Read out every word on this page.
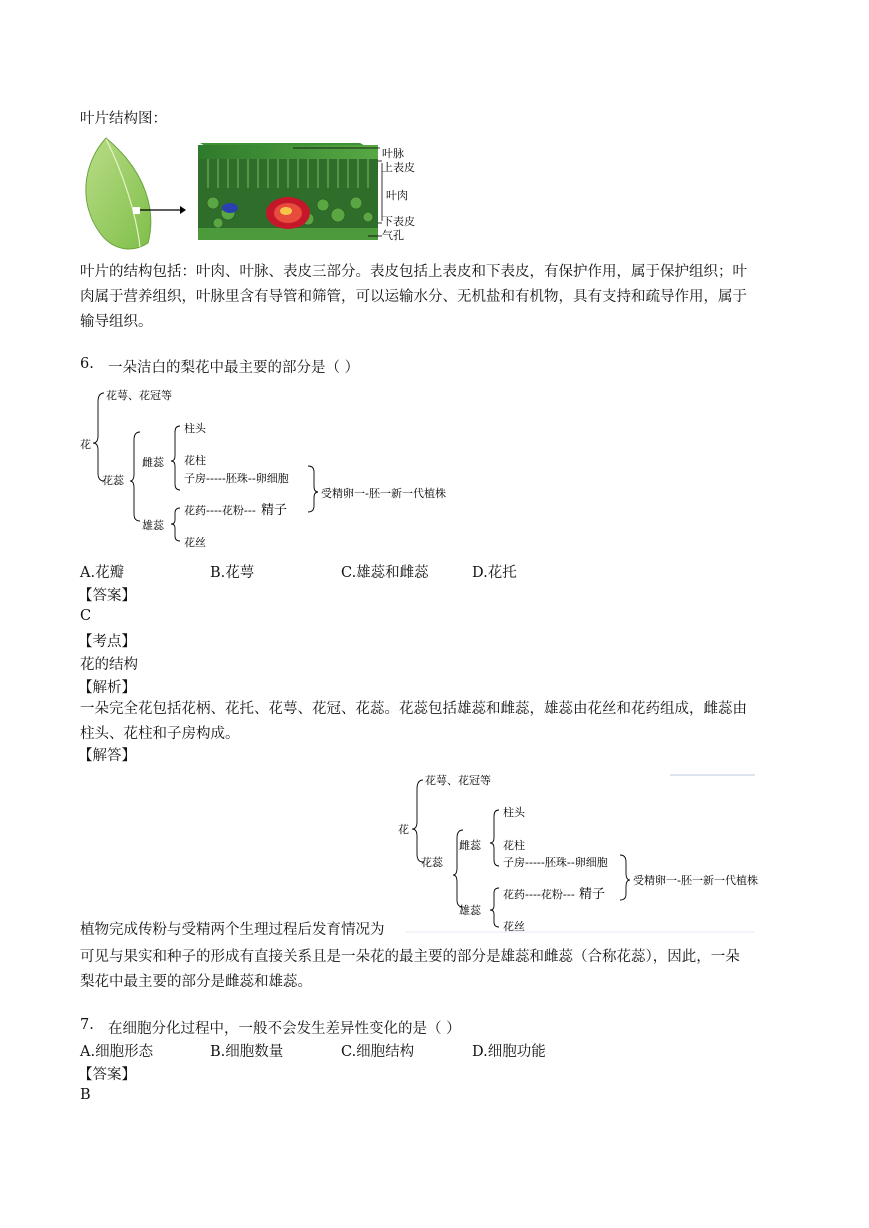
叶片结构图：
叶脉
上表皮
叶肉
下表皮
气孔
叶片的结构包括：叶肉、叶脉、表皮三部分。表皮包括上表皮和下表皮，有保护作用，属于保护组织；叶
肉属于营养组织，叶脉里含有导管和筛管，可以运输水分、无机盐和有机物，具有支持和疏导作用，属于
输导组织。
6. 一朵洁白的梨花中最主要的部分是（ ）
花萼、花冠等
花
花蕊
雌蕊
柱头
花柱
子房-----胚珠--卵细胞
雄蕊
花药----花粉--- 精子
花丝
受精卵一-胚一新一代植株
A.花瓣	B.花萼	C.雄蕊和雌蕊	D.花托
【答案】
C
【考点】
花的结构
【解析】
一朵完全花包括花柄、花托、花萼、花冠、花蕊。花蕊包括雄蕊和雌蕊，雄蕊由花丝和花药组成，雌蕊由
柱头、花柱和子房构成。
【解答】
花萼、花冠等
花
花蕊
雌蕊
柱头
花柱
子房-----胚珠--卵细胞
雄蕊
花药----花粉--- 精子
花丝
受精卵一-胚一新一代植株
植物完成传粉与受精两个生理过程后发育情况为
可见与果实和种子的形成有直接关系且是一朵花的最主要的部分是雄蕊和雌蕊（合称花蕊），因此，一朵
梨花中最主要的部分是雌蕊和雄蕊。
7. 在细胞分化过程中，一般不会发生差异性变化的是（ ）
A.细胞形态	B.细胞数量	C.细胞结构	D.细胞功能
【答案】
B
